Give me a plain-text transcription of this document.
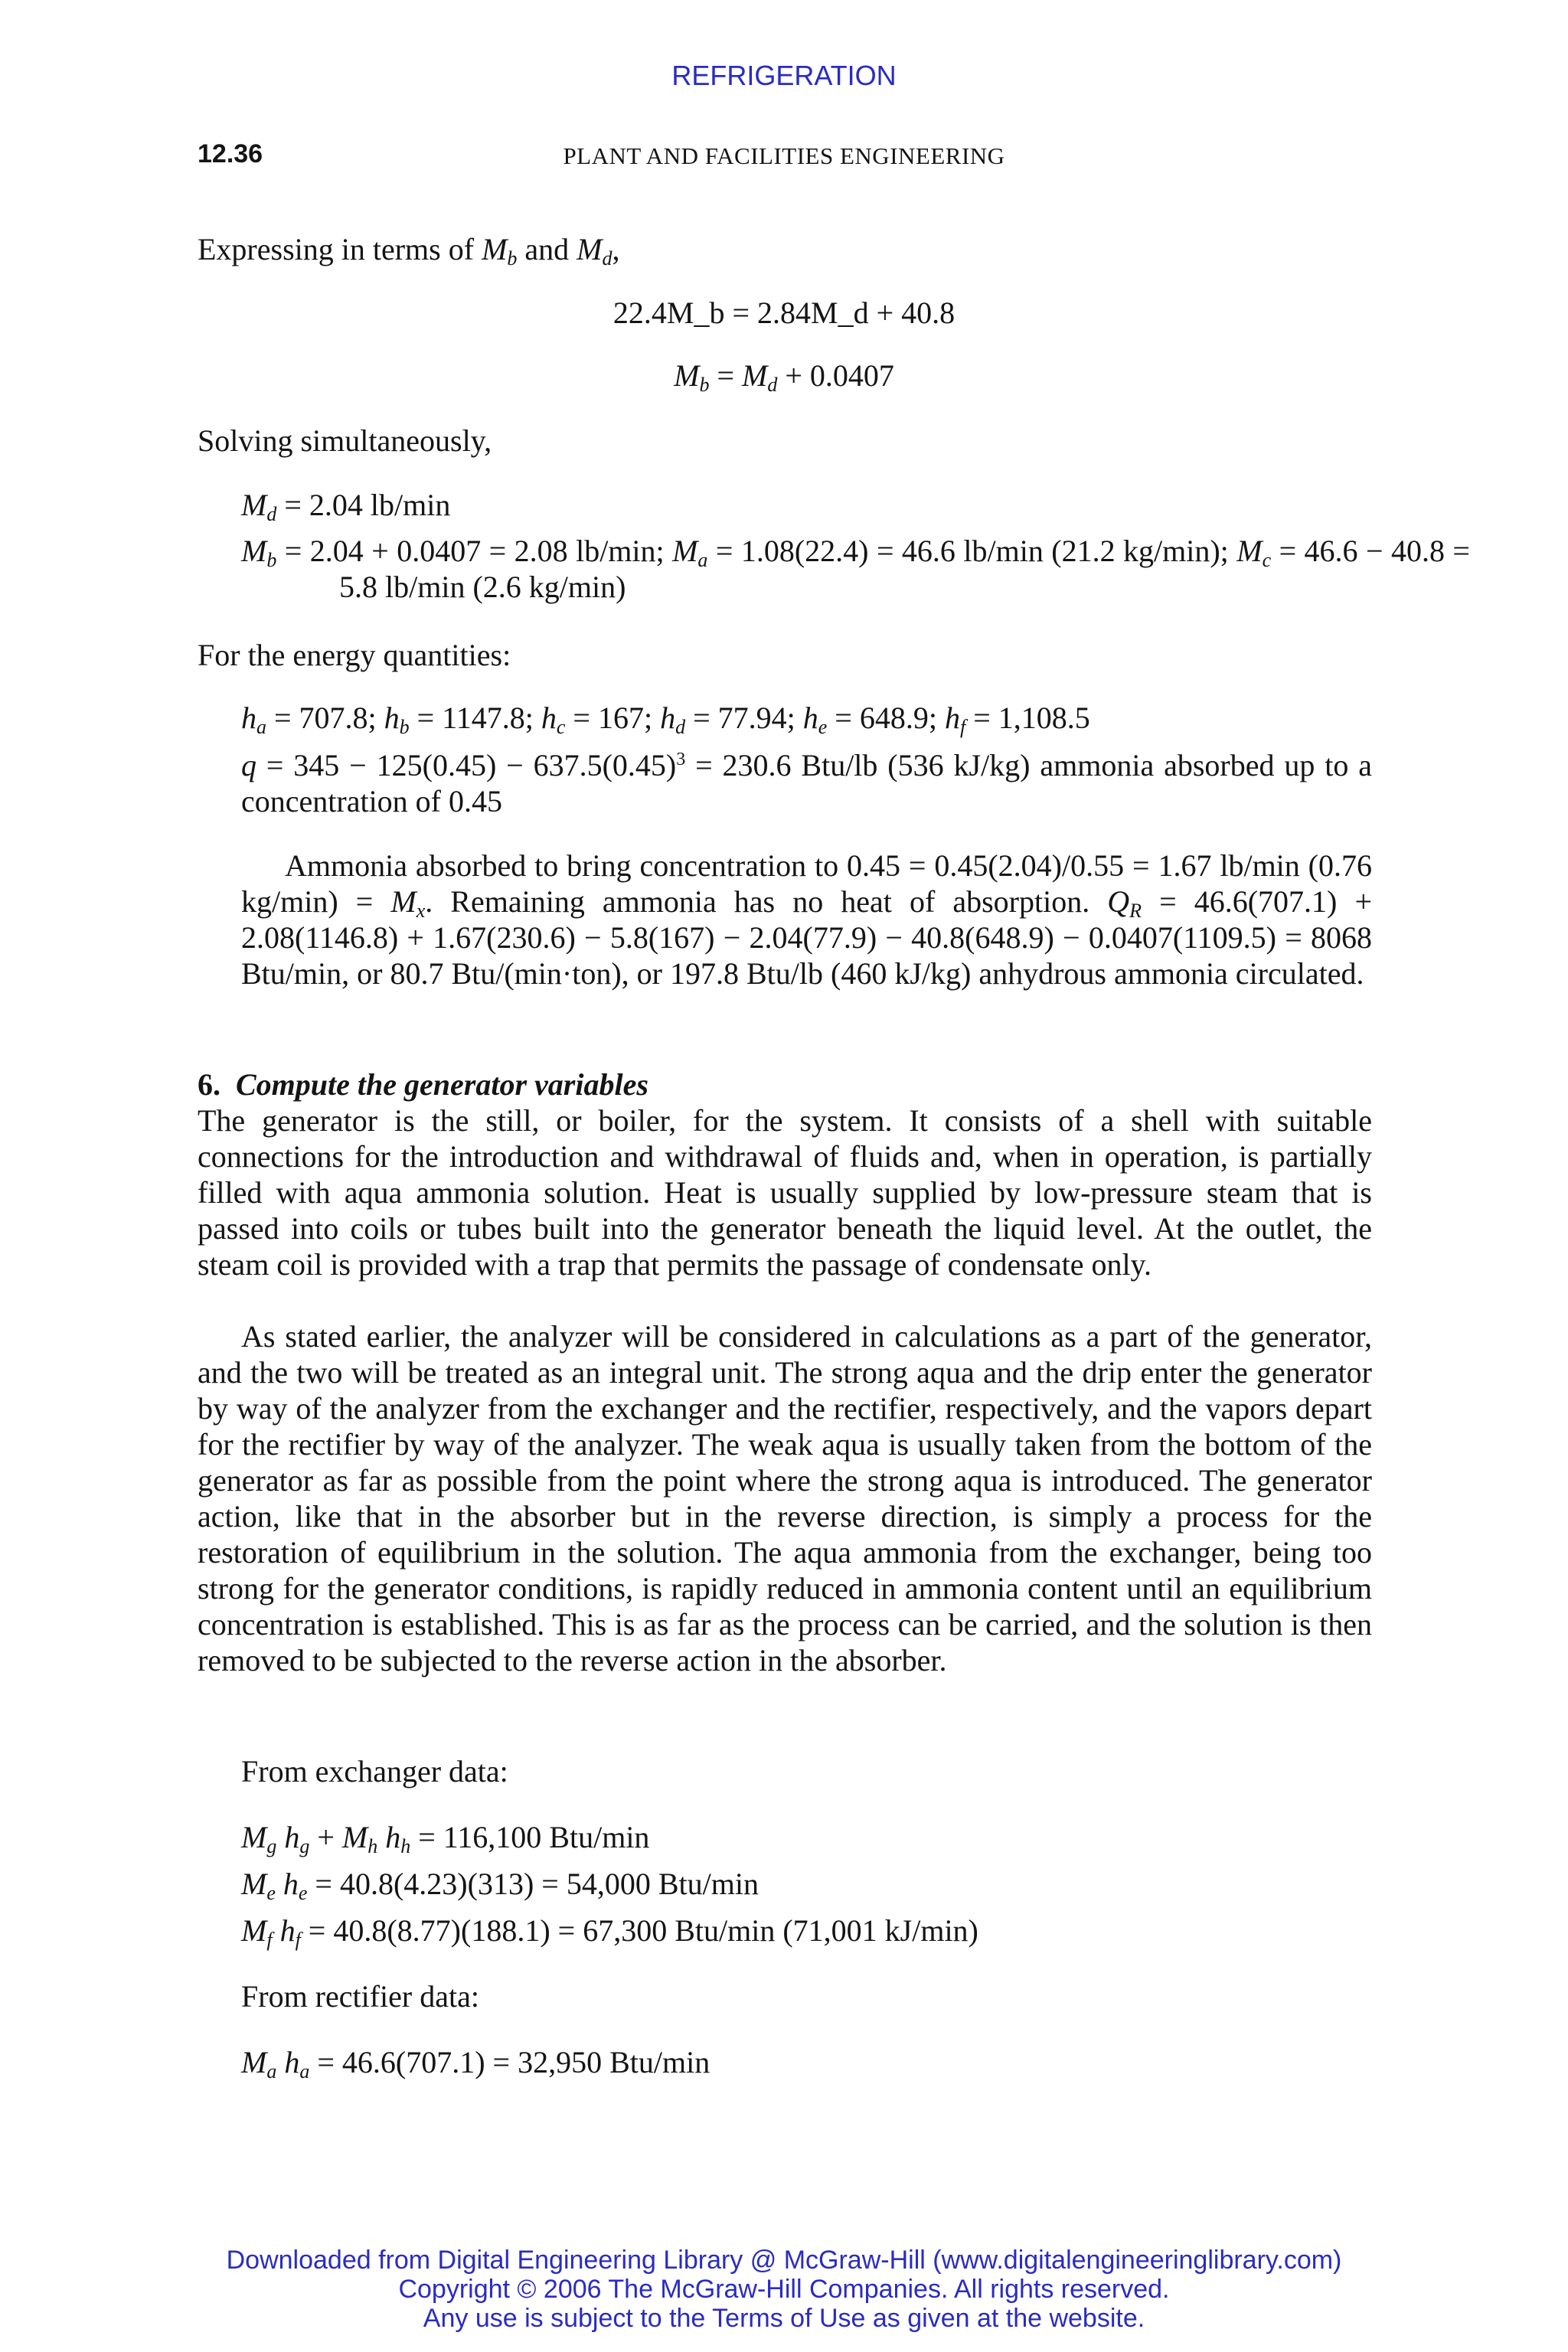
REFRIGERATION
12.36	PLANT AND FACILITIES ENGINEERING
Expressing in terms of $M_b$ and $M_d$,
22.4M_b = 2.84M_d + 40.8
$M_b = M_d + 0.0407$
Solving simultaneously,
$M_d = 2.04$ lb/min
$M_b = 2.04 + 0.0407 = 2.08$ lb/min; $M_a = 1.08(22.4) = 46.6$ lb/min (21.2 kg/min); $M_c = 46.6 - 40.8 = 5.8$ lb/min (2.6 kg/min)
For the energy quantities:
$h_a = 707.8$; $h_b = 1147.8$; $h_c = 167$; $h_d = 77.94$; $h_e = 648.9$; $h_f = 1,108.5$
$q = 345 - 125(0.45) - 637.5(0.45)^3 = 230.6$ Btu/lb (536 kJ/kg) ammonia absorbed up to a concentration of 0.45
Ammonia absorbed to bring concentration to 0.45 = 0.45(2.04)/0.55 = 1.67 lb/min (0.76 $kg/\min) = M_x$. Remaining ammonia has no heat of absorption. $Q_R = 46.6(707.1) + 2.08(1146.8) + 1.67(230.6) - 5.8(167) - 2.04(77.9) - 40.8(648.9) - 0.0407(1109.5) = 8068$ Btu/min, or 80.7 Btu/(min·ton), or 197.8 Btu/lb (460 kJ/kg) anhydrous ammonia circulated.
6. Compute the generator variables
The generator is the still, or boiler, for the system. It consists of a shell with suitable connections for the introduction and withdrawal of fluids and, when in operation, is partially filled with aqua ammonia solution. Heat is usually supplied by low-pressure steam that is passed into coils or tubes built into the generator beneath the liquid level. At the outlet, the steam coil is provided with a trap that permits the passage of condensate only.
As stated earlier, the analyzer will be considered in calculations as a part of the generator, and the two will be treated as an integral unit. The strong aqua and the drip enter the generator by way of the analyzer from the exchanger and the rectifier, respectively, and the vapors depart for the rectifier by way of the analyzer. The weak aqua is usually taken from the bottom of the generator as far as possible from the point where the strong aqua is introduced. The generator action, like that in the absorber but in the reverse direction, is simply a process for the restoration of equilibrium in the solution. The aqua ammonia from the exchanger, being too strong for the generator conditions, is rapidly reduced in ammonia content until an equilibrium concentration is established. This is as far as the process can be carried, and the solution is then removed to be subjected to the reverse action in the absorber.
From exchanger data:
$M_g$ $h_g + M_h$ $h_h = 116,100$ Btu/min
$M_e$ $h_e = 40.8(4.23)(313) = 54,000$ Btu/min
$M_f$ $h_f = 40.8(8.77)(188.1) = 67,300$ Btu/min (71,001 kJ/min)
From rectifier data:
$M_a$ $h_a = 46.6(707.1) = 32,950$ Btu/min
Downloaded from Digital Engineering Library @ McGraw-Hill (www.digitalengineeringlibrary.com)
Copyright © 2006 The McGraw-Hill Companies. All rights reserved.
Any use is subject to the Terms of Use as given at the website.
